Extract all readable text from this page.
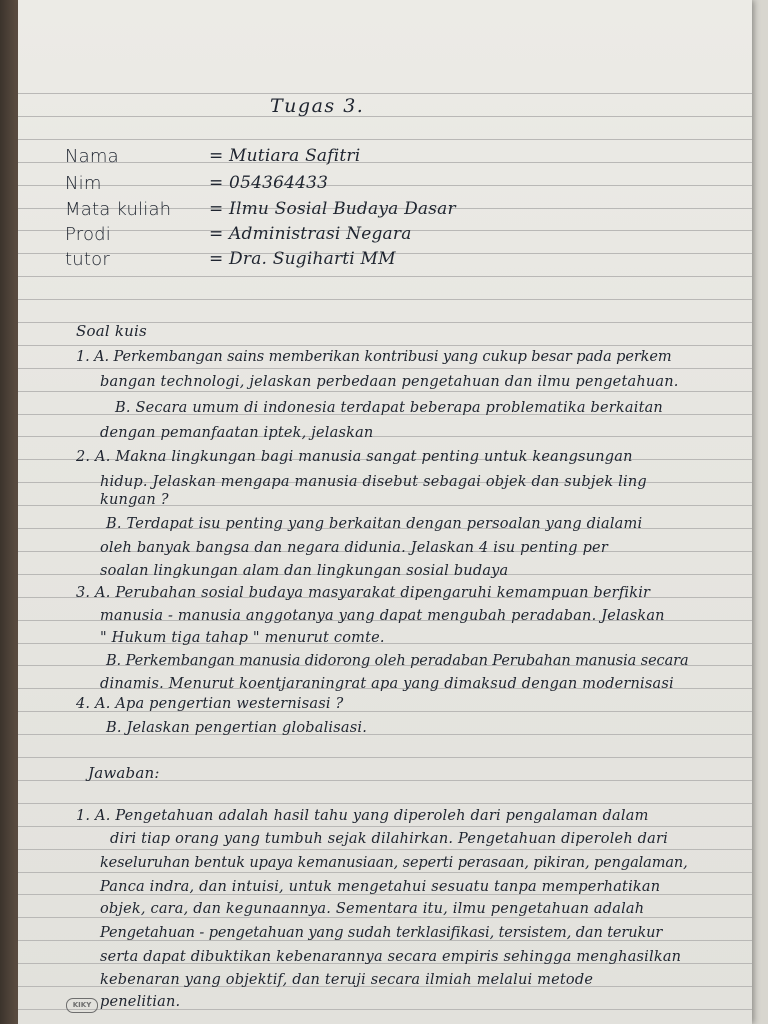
Tugas 3.

Nama	= Mutiara Safitri

Nim	= 054364433

Mata kuliah = Ilmu Sosial Budaya Dasar

Prodi	= Administrasi Negara

tutor	= Dra. Sugiharti MM

Soal kuis

1. A. Perkembangan sains memberikan kontribusi yang cukup besar pada perkem

bangan technologi, jelaskan perbedaan pengetahuan dan ilmu pengetahuan.

B. Secara umum di indonesia terdapat beberapa problematika berkaitan

dengan pemanfaatan iptek, jelaskan

2. A. Makna lingkungan bagi manusia sangat penting untuk keangsungan

hidup. Jelaskan mengapa manusia disebut sebagai objek dan subjek ling

kungan ?

B. Terdapat isu penting yang berkaitan dengan persoalan yang dialami

oleh banyak bangsa dan negara didunia. Jelaskan 4 isu penting per

soalan lingkungan alam dan lingkungan sosial budaya

3. A. Perubahan sosial budaya masyarakat dipengaruhi kemampuan berfikir

manusia - manusia anggotanya yang dapat mengubah peradaban. Jelaskan

" Hukum tiga tahap " menurut comte.

B. Perkembangan manusia didorong oleh peradaban Perubahan manusia secara

dinamis. Menurut koentjaraningrat apa yang dimaksud dengan modernisasi

4. A. Apa pengertian westernisasi ?

B. Jelaskan pengertian globalisasi.

Jawaban:

1. A. Pengetahuan adalah hasil tahu yang diperoleh dari pengalaman dalam

diri tiap orang yang tumbuh sejak dilahirkan. Pengetahuan diperoleh dari

keseluruhan bentuk upaya kemanusiaan, seperti perasaan, pikiran, pengalaman,

Panca indra, dan intuisi, untuk mengetahui sesuatu tanpa memperhatikan

objek, cara, dan kegunaannya. Sementara itu, ilmu pengetahuan adalah

Pengetahuan - pengetahuan yang sudah terklasifikasi, tersistem, dan terukur

serta dapat dibuktikan kebenarannya secara empiris sehingga menghasilkan

kebenaran yang objektif, dan teruji secara ilmiah melalui metode

penelitian.

KIKY
